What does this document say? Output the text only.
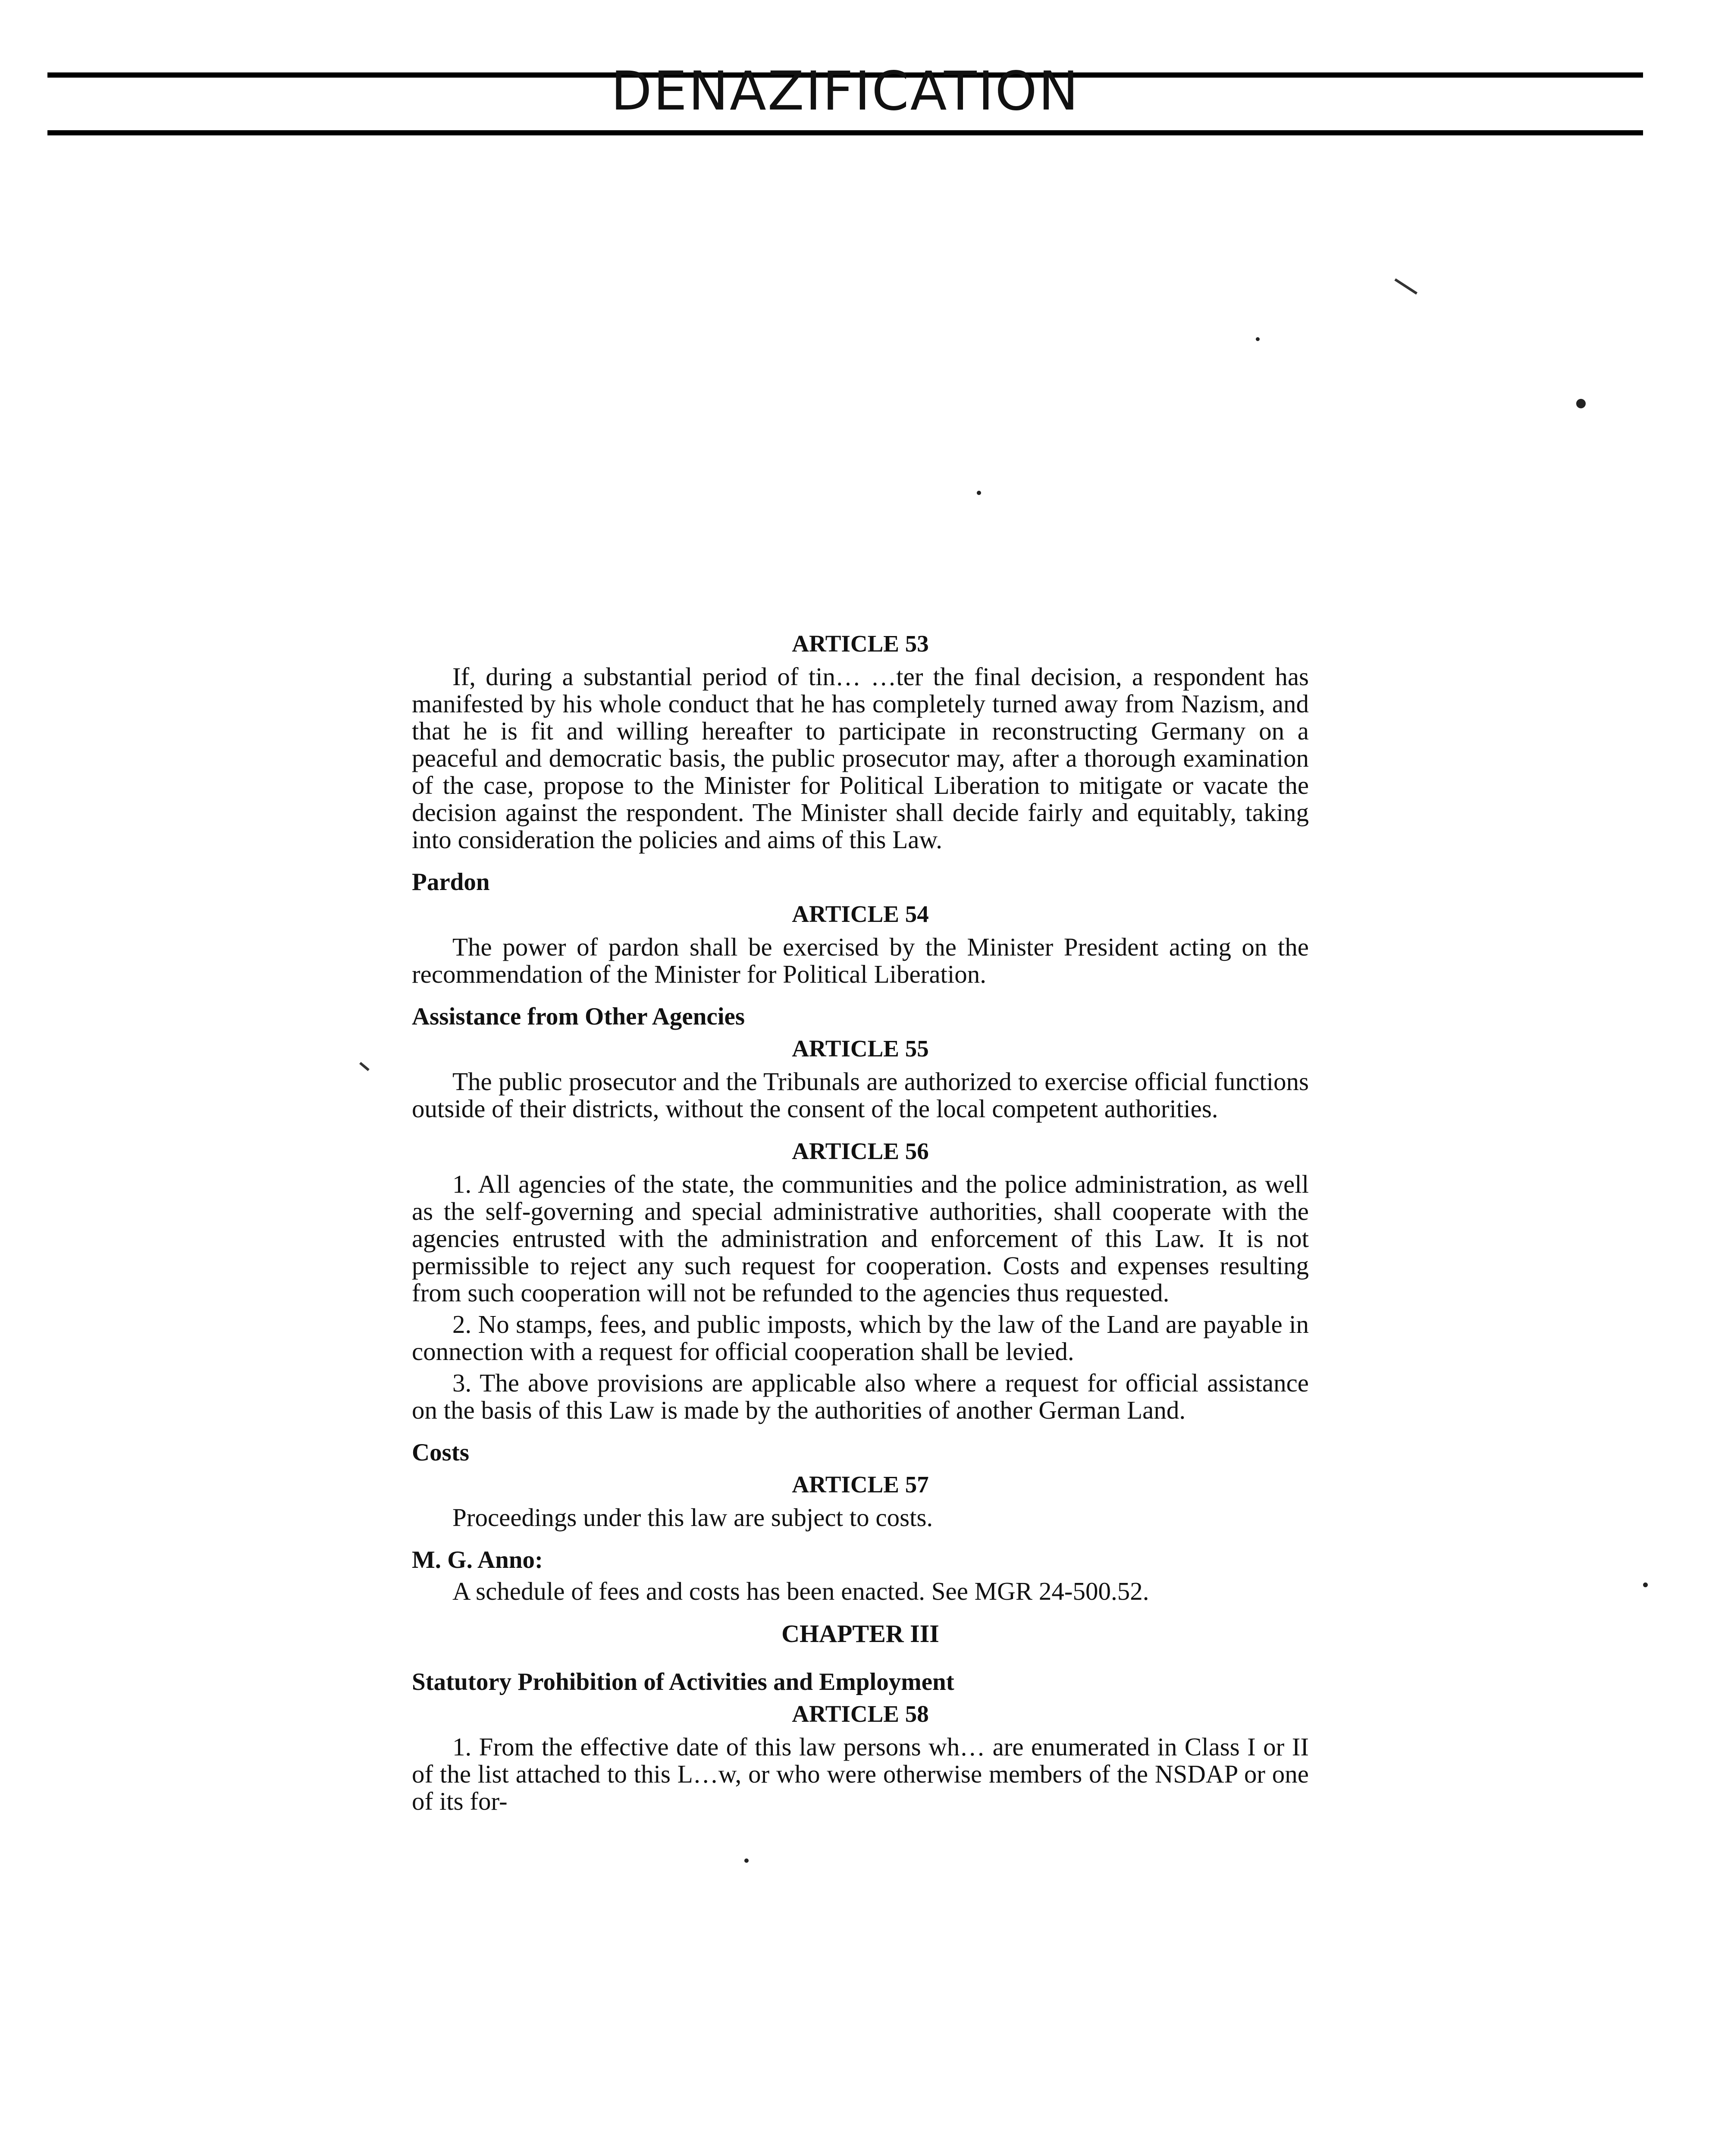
DENAZIFICATION
ARTICLE 53

If, during a substantial period of tin… …ter the final decision, a respondent has manifested by his whole conduct that he has completely turned away from Nazism, and that he is fit and willing hereafter to participate in reconstructing Germany on a peaceful and democratic basis, the public prosecutor may, after a thorough examination of the case, propose to the Minister for Political Liberation to mitigate or vacate the decision against the respondent. The Minister shall decide fairly and equitably, taking into consideration the policies and aims of this Law.

Pardon
ARTICLE 54

The power of pardon shall be exercised by the Minister President acting on the recommendation of the Minister for Political Liberation.

Assistance from Other Agencies
ARTICLE 55

The public prosecutor and the Tribunals are authorized to exercise official functions outside of their districts, without the consent of the local competent authorities.

ARTICLE 56

1. All agencies of the state, the communities and the police administration, as well as the self-governing and special administrative authorities, shall cooperate with the agencies entrusted with the administration and enforcement of this Law. It is not permissible to reject any such request for cooperation. Costs and expenses resulting from such cooperation will not be refunded to the agencies thus requested.

2. No stamps, fees, and public imposts, which by the law of the Land are payable in connection with a request for official cooperation shall be levied.

3. The above provisions are applicable also where a request for official assistance on the basis of this Law is made by the authorities of another German Land.

Costs
ARTICLE 57

Proceedings under this law are subject to costs.

M. G. Anno:

A schedule of fees and costs has been enacted. See MGR 24-500.52.

CHAPTER III
Statutory Prohibition of Activities and Employment
ARTICLE 58

1. From the effective date of this law persons wh… are enumerated in Class I or II of the list attached to this L…w, or who were otherwise members of the NSDAP or one of its for-
